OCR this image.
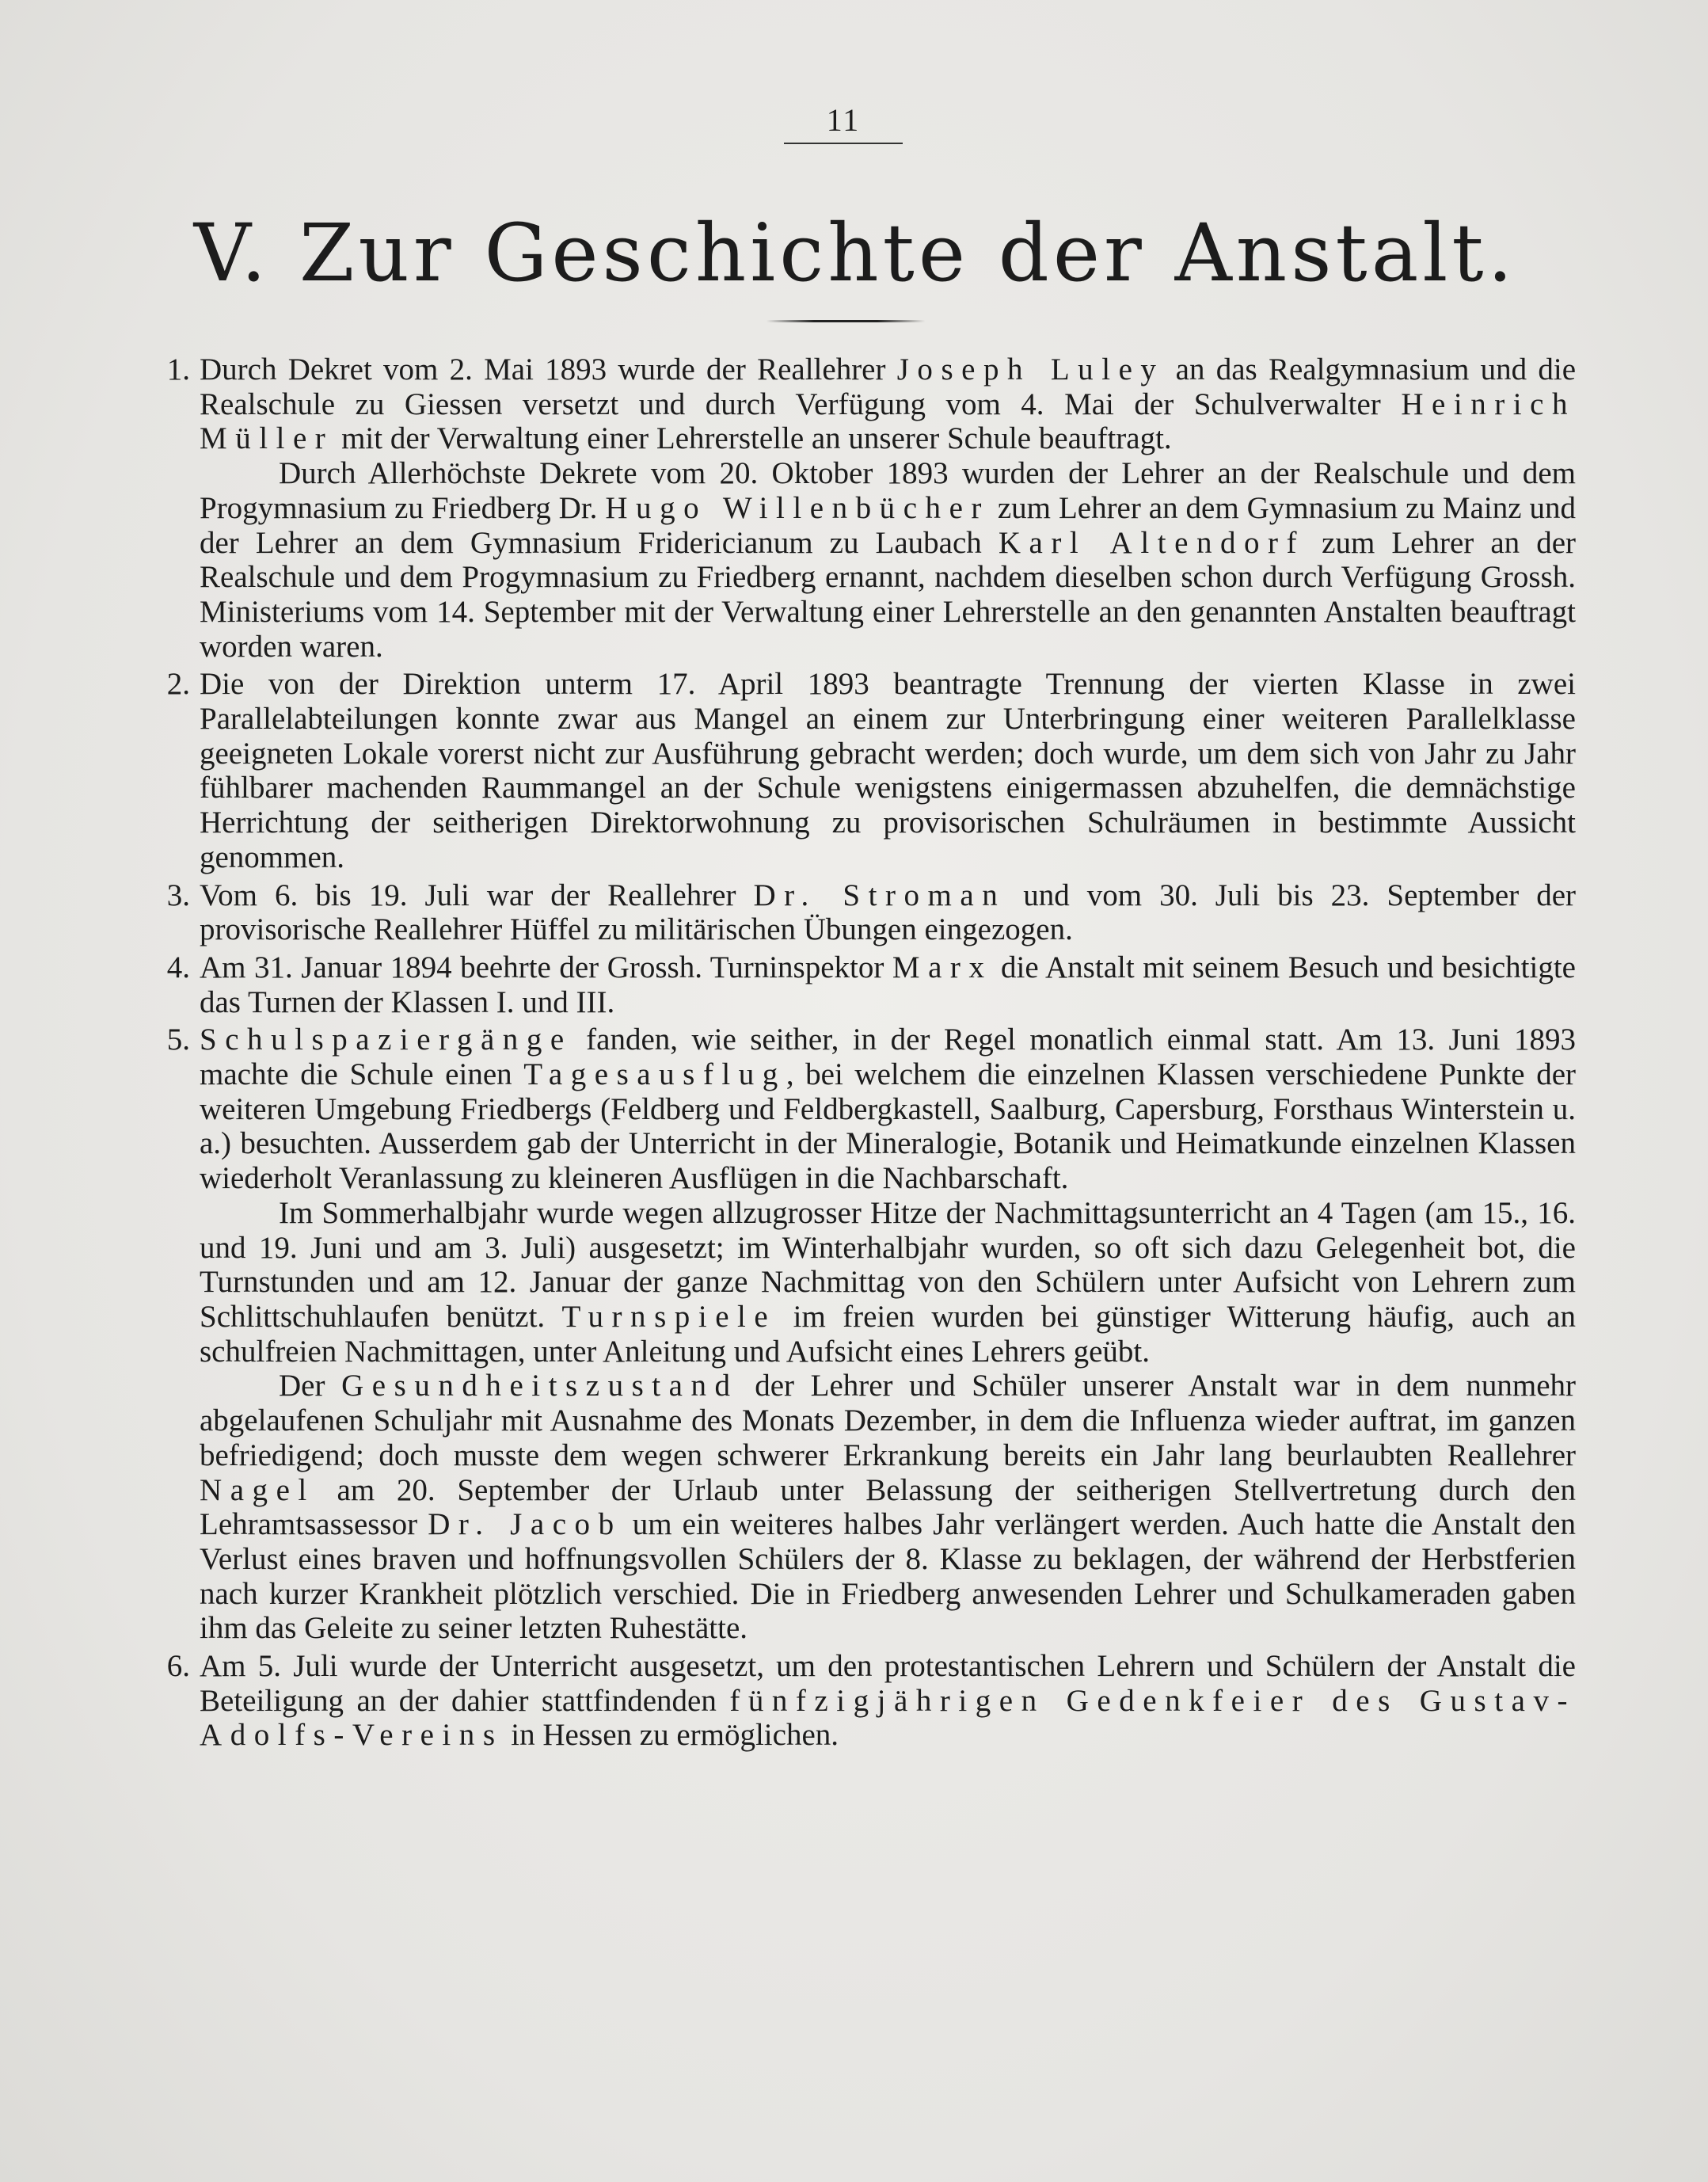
11
V. Zur Geschichte der Anstalt.
1. Durch Dekret vom 2. Mai 1893 wurde der Reallehrer Joseph Luley an das Realgymnasium und die Realschule zu Giessen versetzt und durch Verfügung vom 4. Mai der Schulverwalter Heinrich Müller mit der Verwaltung einer Lehrerstelle an unserer Schule beauftragt.

Durch Allerhöchste Dekrete vom 20. Oktober 1893 wurden der Lehrer an der Realschule und dem Progymnasium zu Friedberg Dr. Hugo Willenbücher zum Lehrer an dem Gymnasium zu Mainz und der Lehrer an dem Gymnasium Fridericianum zu Laubach Karl Altendorf zum Lehrer an der Realschule und dem Progymnasium zu Friedberg ernannt, nachdem dieselben schon durch Verfügung Grossh. Ministeriums vom 14. September mit der Verwaltung einer Lehrerstelle an den genannten Anstalten beauftragt worden waren.

2. Die von der Direktion unterm 17. April 1893 beantragte Trennung der vierten Klasse in zwei Parallelabteilungen konnte zwar aus Mangel an einem zur Unterbringung einer weiteren Parallelklasse geeigneten Lokale vorerst nicht zur Ausführung gebracht werden; doch wurde, um dem sich von Jahr zu Jahr fühlbarer machenden Raummangel an der Schule wenigstens einigermassen abzuhelfen, die demnächstige Herrichtung der seitherigen Direktorwohnung zu provisorischen Schulräumen in bestimmte Aussicht genommen.

3. Vom 6. bis 19. Juli war der Reallehrer Dr. Stroman und vom 30. Juli bis 23. September der provisorische Reallehrer Hüffel zu militärischen Übungen eingezogen.

4. Am 31. Januar 1894 beehrte der Grossh. Turninspektor Marx die Anstalt mit seinem Besuch und besichtigte das Turnen der Klassen I. und III.

5. Schulspaziergänge fanden, wie seither, in der Regel monatlich einmal statt. Am 13. Juni 1893 machte die Schule einen Tagesausflug, bei welchem die einzelnen Klassen verschiedene Punkte der weiteren Umgebung Friedbergs (Feldberg und Feldbergkastell, Saalburg, Capersburg, Forsthaus Winterstein u. a.) besuchten. Ausserdem gab der Unterricht in der Mineralogie, Botanik und Heimatkunde einzelnen Klassen wiederholt Veranlassung zu kleineren Ausflügen in die Nachbarschaft.

Im Sommerhalbjahr wurde wegen allzugrosser Hitze der Nachmittagsunterricht an 4 Tagen (am 15., 16. und 19. Juni und am 3. Juli) ausgesetzt; im Winterhalbjahr wurden, so oft sich dazu Gelegenheit bot, die Turnstunden und am 12. Januar der ganze Nachmittag von den Schülern unter Aufsicht von Lehrern zum Schlittschuhlaufen benützt. Turnspiele im freien wurden bei günstiger Witterung häufig, auch an schulfreien Nachmittagen, unter Anleitung und Aufsicht eines Lehrers geübt.

Der Gesundheitszustand der Lehrer und Schüler unserer Anstalt war in dem nunmehr abgelaufenen Schuljahr mit Ausnahme des Monats Dezember, in dem die Influenza wieder auftrat, im ganzen befriedigend; doch musste dem wegen schwerer Erkrankung bereits ein Jahr lang beurlaubten Reallehrer Nagel am 20. September der Urlaub unter Belassung der seitherigen Stellvertretung durch den Lehramtsassessor Dr. Jacob um ein weiteres halbes Jahr verlängert werden. Auch hatte die Anstalt den Verlust eines braven und hoffnungsvollen Schülers der 8. Klasse zu beklagen, der während der Herbstferien nach kurzer Krankheit plötzlich verschied. Die in Friedberg anwesenden Lehrer und Schulkameraden gaben ihm das Geleite zu seiner letzten Ruhestätte.

6. Am 5. Juli wurde der Unterricht ausgesetzt, um den protestantischen Lehrern und Schülern der Anstalt die Beteiligung an der dahier stattfindenden fünfzigjährigen Gedenkfeier des Gustav-Adolfs-Vereins in Hessen zu ermöglichen.
